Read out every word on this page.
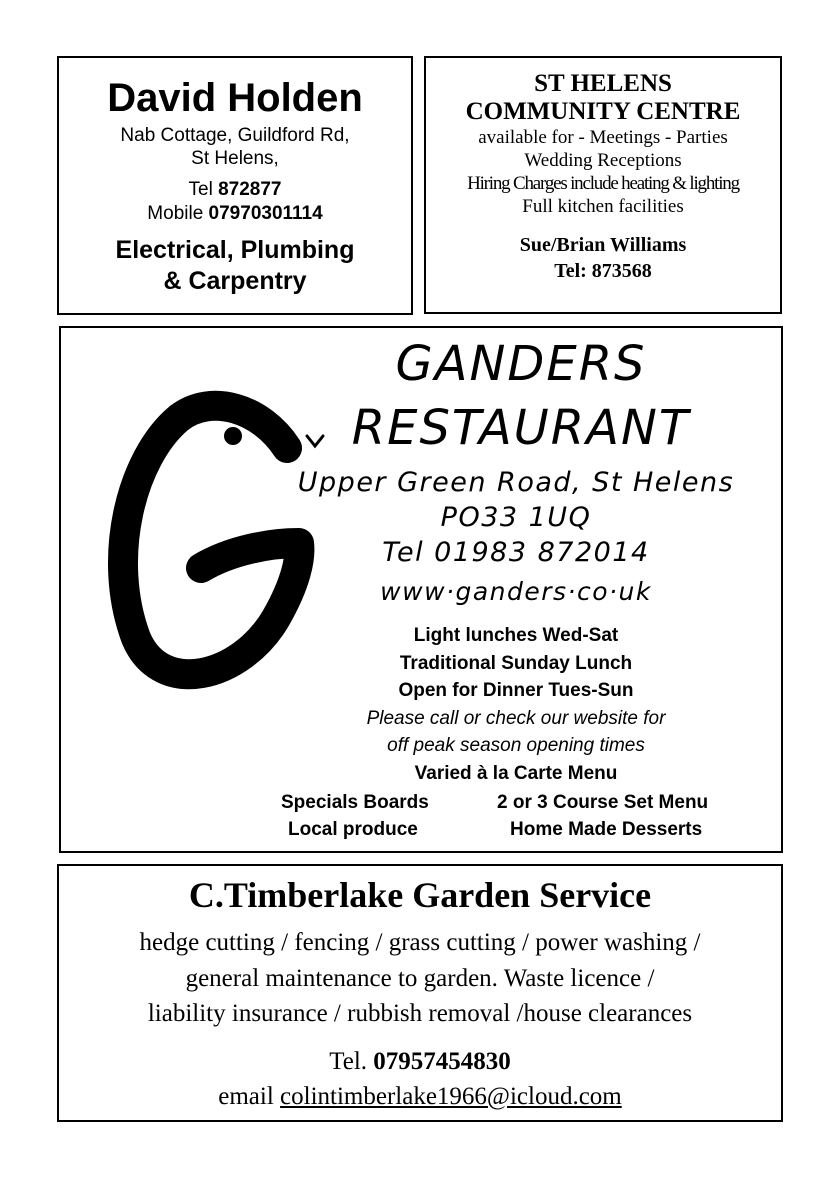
David Holden
Nab Cottage, Guildford Rd,
St Helens,
Tel 872877
Mobile 07970301114
Electrical, Plumbing
& Carpentry
ST HELENS
COMMUNITY CENTRE
available for - Meetings - Parties
Wedding Receptions
Hiring Charges include heating & lighting
Full kitchen facilities
Sue/Brian Williams
Tel: 873568
GANDERS
RESTAURANT
Upper Green Road, St Helens
PO33 1UQ
Tel 01983 872014
www·ganders·co·uk
Light lunches Wed-Sat
Traditional Sunday Lunch
Open for Dinner Tues-Sun
Please call or check our website for
off peak season opening times
Varied à la Carte Menu
Specials Boards	2 or 3 Course Set Menu
Local produce	Home Made Desserts
C.Timberlake Garden Service
hedge cutting / fencing / grass cutting / power washing /
general maintenance to garden. Waste licence /
liability insurance / rubbish removal /house clearances
Tel. 07957454830
email colintimberlake1966@icloud.com
